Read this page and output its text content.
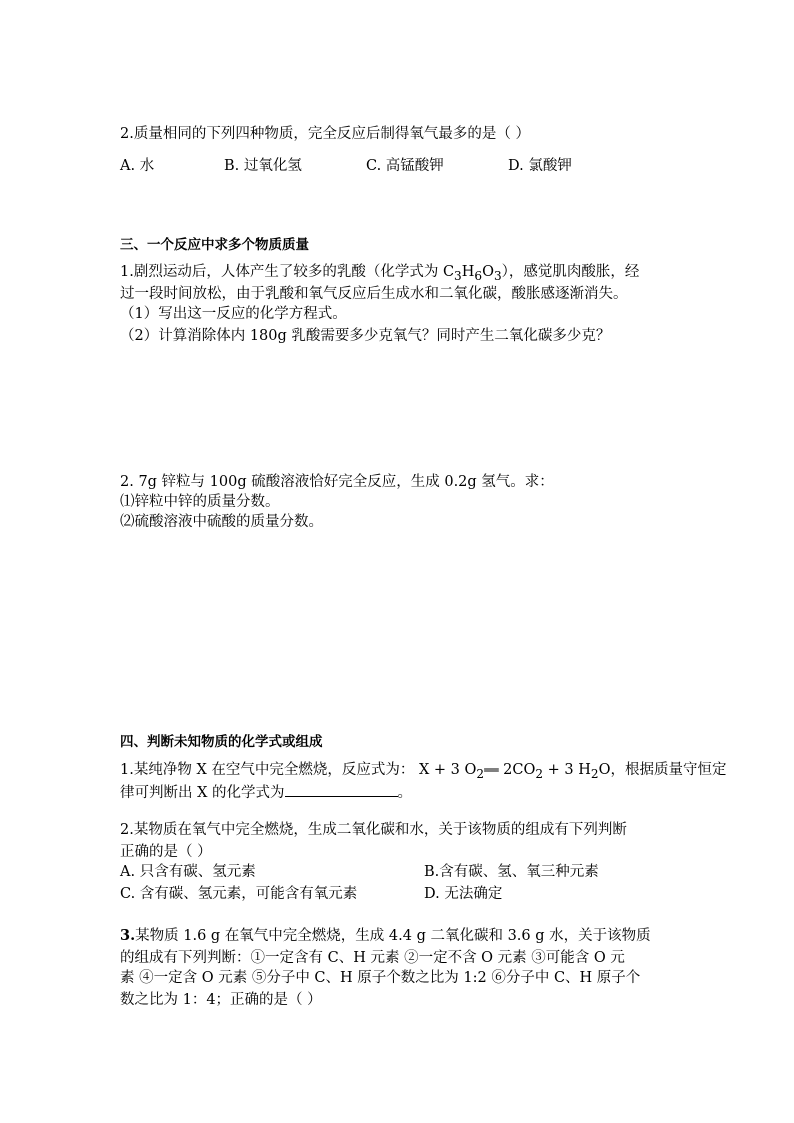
2.质量相同的下列四种物质，完全反应后制得氧气最多的是（ ）
A. 水	B. 过氧化氢	C. 高锰酸钾	D. 氯酸钾
三、一个反应中求多个物质质量
1.剧烈运动后，人体产生了较多的乳酸（化学式为 $C_3H_6O_3$），感觉肌肉酸胀，经
过一段时间放松，由于乳酸和氧气反应后生成水和二氧化碳，酸胀感逐渐消失。
（1）写出这一反应的化学方程式。
（2）计算消除体内 180g 乳酸需要多少克氧气？同时产生二氧化碳多少克？
2. 7g 锌粒与 100g 硫酸溶液恰好完全反应，生成 0.2g 氢气。求：
⑴锌粒中锌的质量分数。
⑵硫酸溶液中硫酸的质量分数。
四、判断未知物质的化学式或组成
1.某纯净物 X 在空气中完全燃烧，反应式为： X + 3 $O_2══$ $2CO_2 + 3$ $H_2O$，根据质量守恒定
律可判断出 X 的化学式为	。
2.某物质在氧气中完全燃烧，生成二氧化碳和水，关于该物质的组成有下列判断
正确的是（ ）
A. 只含有碳、氢元素	B.含有碳、氢、氧三种元素
C. 含有碳、氢元素，可能含有氧元素	D. 无法确定
3.某物质 1.6 g 在氧气中完全燃烧，生成 4.4 g 二氧化碳和 3.6 g 水，关于该物质
的组成有下列判断：①一定含有 C、H 元素 ②一定不含 O 元素 ③可能含 O 元
素 ④一定含 O 元素 ⑤分子中 C、H 原子个数之比为 1:2 ⑥分子中 C、H 原子个
数之比为 1：4；正确的是（ ）
